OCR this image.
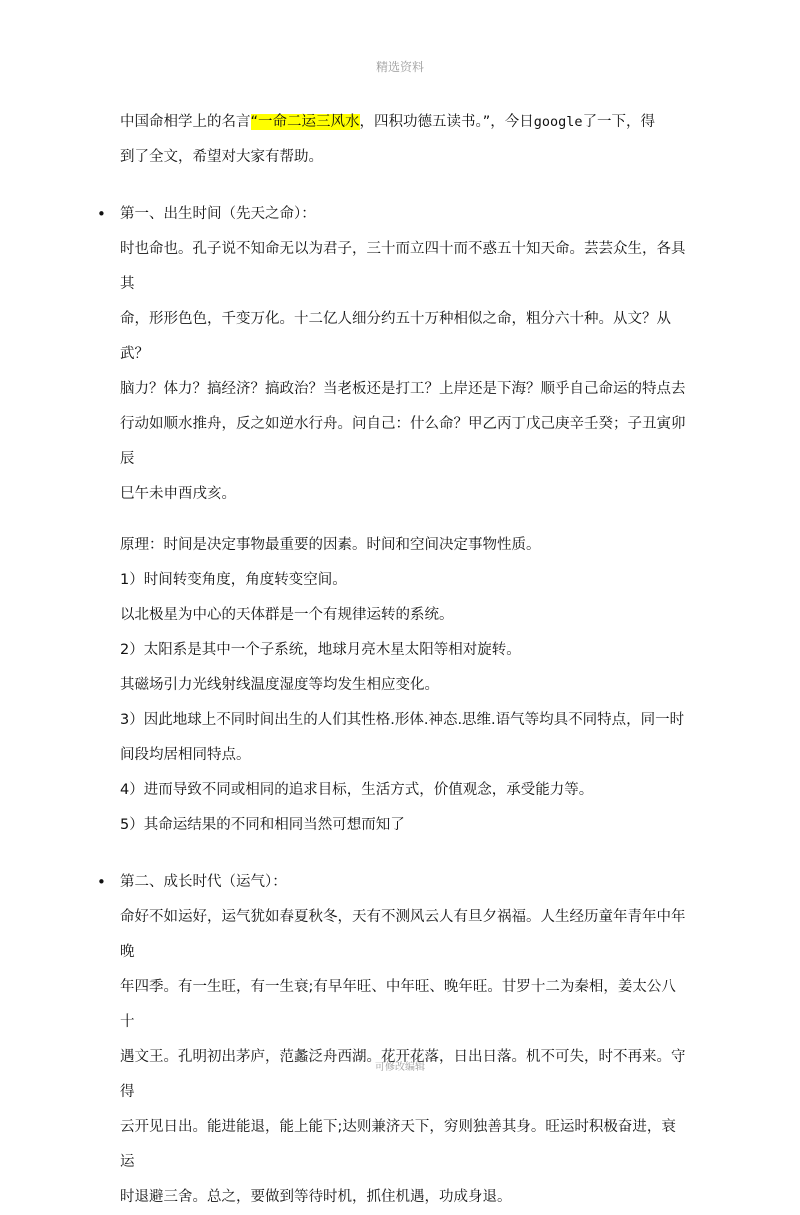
精选资料

中国命相学上的名言“一命二运三风水，四积功德五读书。”，今日google了一下，得

到了全文，希望对大家有帮助。

• 第一、出生时间（先天之命）：

时也命也。孔子说不知命无以为君子，三十而立四十而不惑五十知天命。芸芸众生，各具其

命，形形色色，千变万化。十二亿人细分约五十万种相似之命，粗分六十种。从文？从武？

脑力？体力？搞经济？搞政治？当老板还是打工？上岸还是下海？顺乎自己命运的特点去

行动如顺水推舟，反之如逆水行舟。问自己：什么命？甲乙丙丁戊己庚辛壬癸；子丑寅卯辰

巳午未申酉戌亥。

原理：时间是决定事物最重要的因素。时间和空间决定事物性质。

1）时间转变角度，角度转变空间。

以北极星为中心的天体群是一个有规律运转的系统。

2）太阳系是其中一个子系统，地球月亮木星太阳等相对旋转。

其磁场引力光线射线温度湿度等均发生相应变化。

3）因此地球上不同时间出生的人们其性格.形体.神态.思维.语气等均具不同特点，同一时

间段均居相同特点。

4）进而导致不同或相同的追求目标，生活方式，价值观念，承受能力等。

5）其命运结果的不同和相同当然可想而知了

• 第二、成长时代（运气）：

命好不如运好，运气犹如春夏秋冬，天有不测风云人有旦夕祸福。人生经历童年青年中年晚

年四季。有一生旺，有一生衰;有早年旺、中年旺、晚年旺。甘罗十二为秦相，姜太公八十

遇文王。孔明初出茅庐，范蠡泛舟西湖。花开花落，日出日落。机不可失，时不再来。守得

云开见日出。能进能退，能上能下;达则兼济天下，穷则独善其身。旺运时积极奋进，衰运

时退避三舍。总之，要做到等待时机，抓住机遇，功成身退。

可修改编辑
